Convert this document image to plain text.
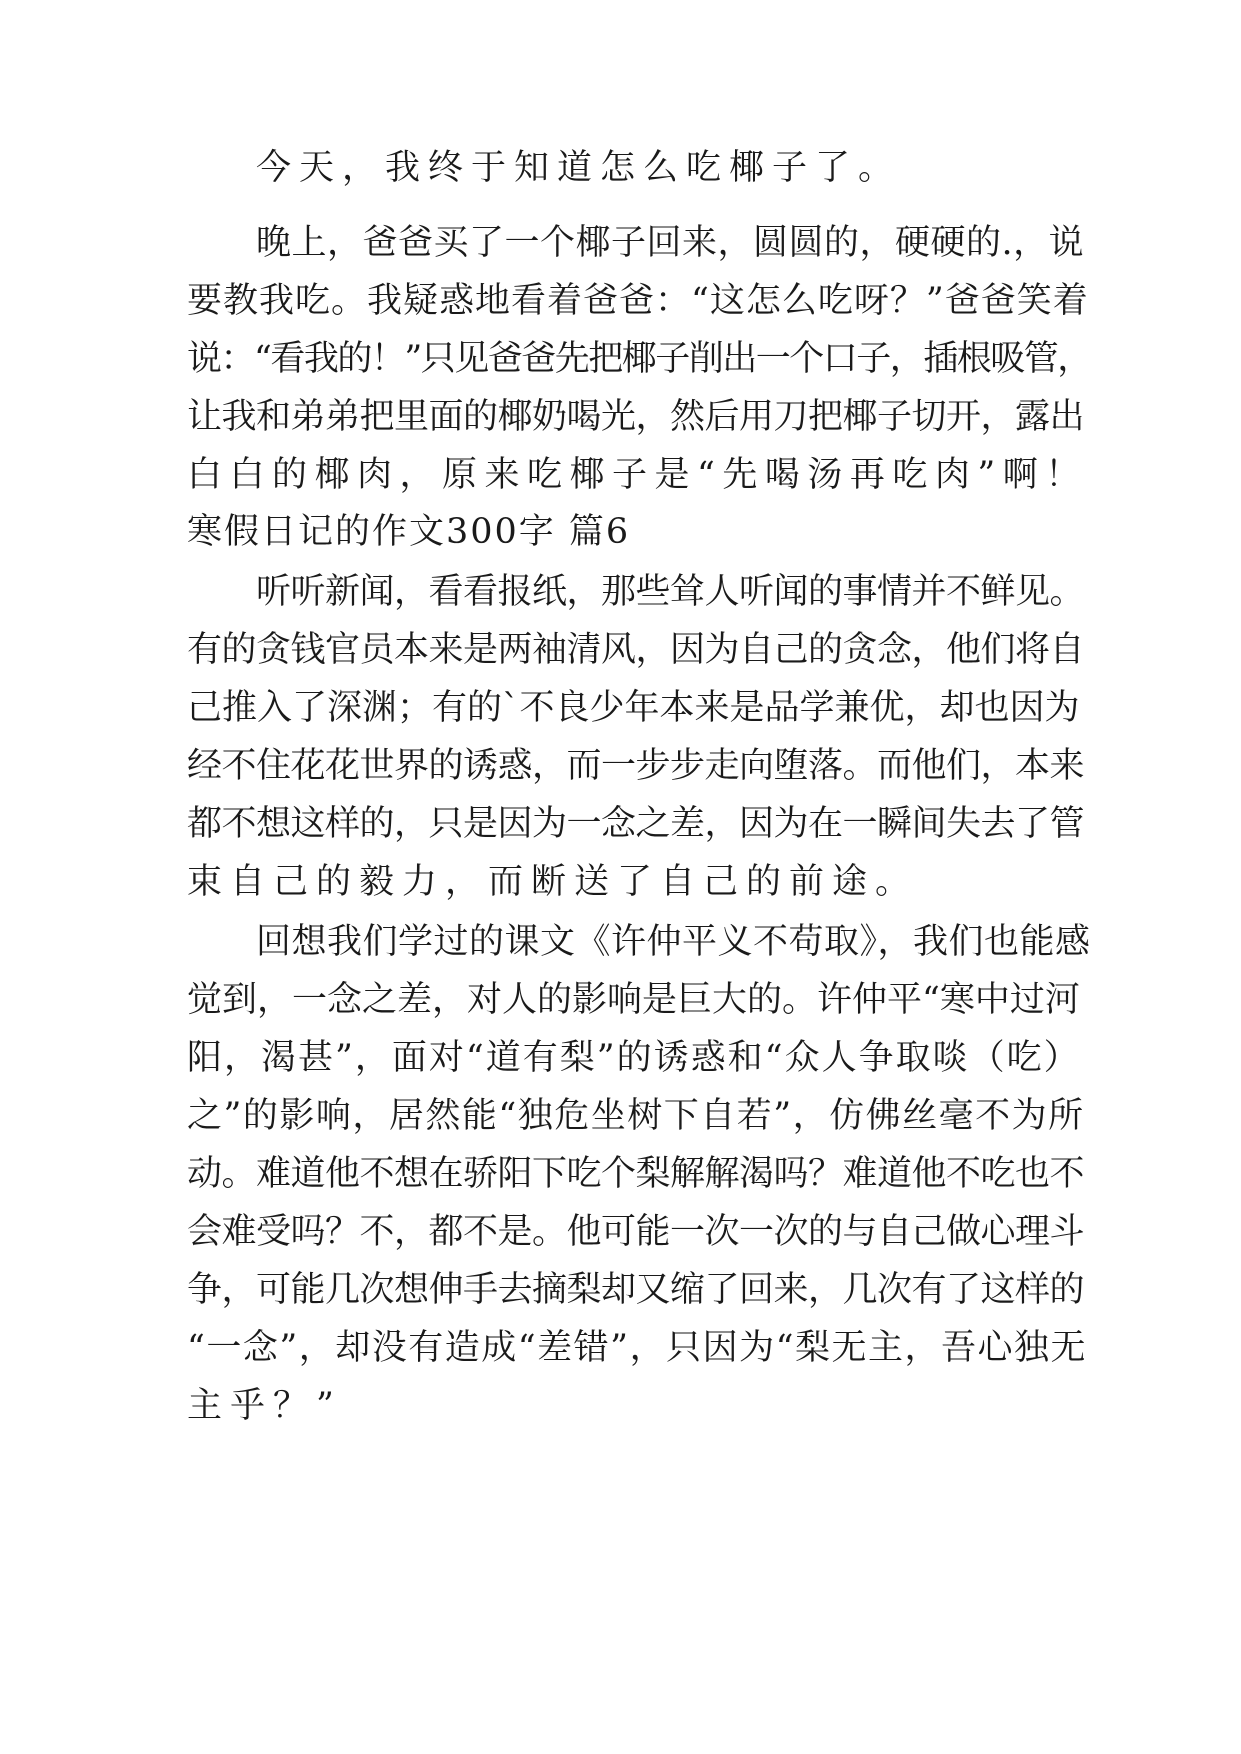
今天，我终于知道怎么吃椰子了。

晚上，爸爸买了一个椰子回来，圆圆的，硬硬的.，说

要教我吃。我疑惑地看着爸爸：“这怎么吃呀？”爸爸笑着

说：“看我的！”只见爸爸先把椰子削出一个口子，插根吸管，

让我和弟弟把里面的椰奶喝光，然后用刀把椰子切开，露出

白白的椰肉，原来吃椰子是“先喝汤再吃肉”啊！

寒假日记的作文300字 篇6

听听新闻，看看报纸，那些耸人听闻的事情并不鲜见。

有的贪钱官员本来是两袖清风，因为自己的贪念，他们将自

己推入了深渊；有的`不良少年本来是品学兼优，却也因为

经不住花花世界的诱惑，而一步步走向堕落。而他们，本来

都不想这样的，只是因为一念之差，因为在一瞬间失去了管

束自己的毅力，而断送了自己的前途。

回想我们学过的课文《许仲平义不苟取》，我们也能感

觉到，一念之差，对人的影响是巨大的。许仲平“寒中过河

阳，渴甚”，面对“道有梨”的诱惑和“众人争取啖（吃）

之”的影响，居然能“独危坐树下自若”，仿佛丝毫不为所

动。难道他不想在骄阳下吃个梨解解渴吗？难道他不吃也不

会难受吗？不，都不是。他可能一次一次的与自己做心理斗

争，可能几次想伸手去摘梨却又缩了回来，几次有了这样的

“一念”，却没有造成“差错”，只因为“梨无主，吾心独无

主乎？”
